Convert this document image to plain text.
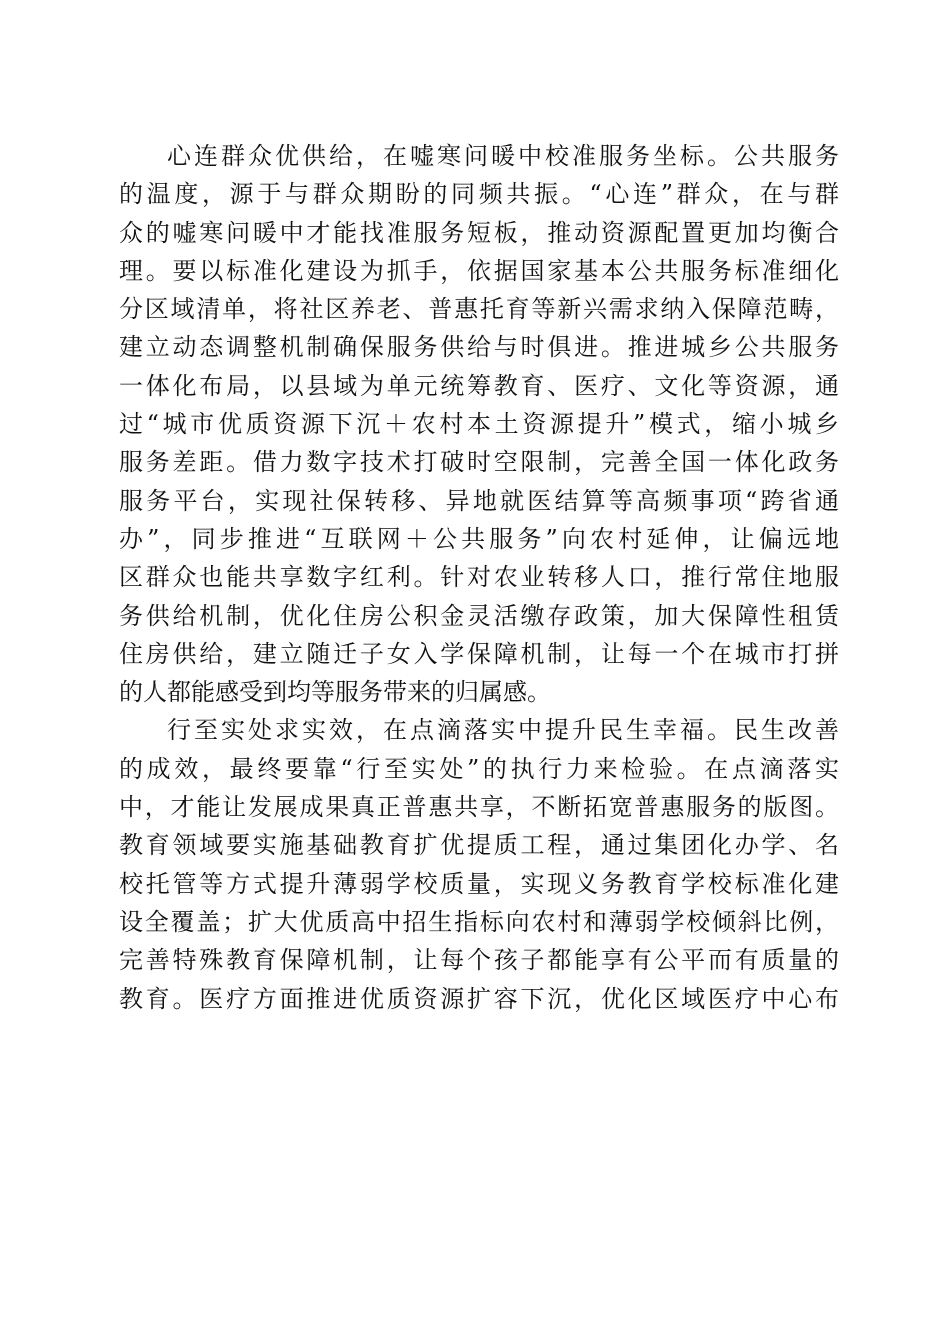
心连群众优供给，在嘘寒问暖中校准服务坐标。公共服务
的温度，源于与群众期盼的同频共振。“心连”群众，在与群
众的嘘寒问暖中才能找准服务短板，推动资源配置更加均衡合
理。要以标准化建设为抓手，依据国家基本公共服务标准细化
分区域清单，将社区养老、普惠托育等新兴需求纳入保障范畴，
建立动态调整机制确保服务供给与时俱进。推进城乡公共服务
一体化布局，以县域为单元统筹教育、医疗、文化等资源，通
过“城市优质资源下沉＋农村本土资源提升”模式，缩小城乡
服务差距。借力数字技术打破时空限制，完善全国一体化政务
服务平台，实现社保转移、异地就医结算等高频事项“跨省通
办”，同步推进“互联网＋公共服务”向农村延伸，让偏远地
区群众也能共享数字红利。针对农业转移人口，推行常住地服
务供给机制，优化住房公积金灵活缴存政策，加大保障性租赁
住房供给，建立随迁子女入学保障机制，让每一个在城市打拼
的人都能感受到均等服务带来的归属感。
行至实处求实效，在点滴落实中提升民生幸福。民生改善
的成效，最终要靠“行至实处”的执行力来检验。在点滴落实
中，才能让发展成果真正普惠共享，不断拓宽普惠服务的版图。
教育领域要实施基础教育扩优提质工程，通过集团化办学、名
校托管等方式提升薄弱学校质量，实现义务教育学校标准化建
设全覆盖；扩大优质高中招生指标向农村和薄弱学校倾斜比例，
完善特殊教育保障机制，让每个孩子都能享有公平而有质量的
教育。医疗方面推进优质资源扩容下沉，优化区域医疗中心布
